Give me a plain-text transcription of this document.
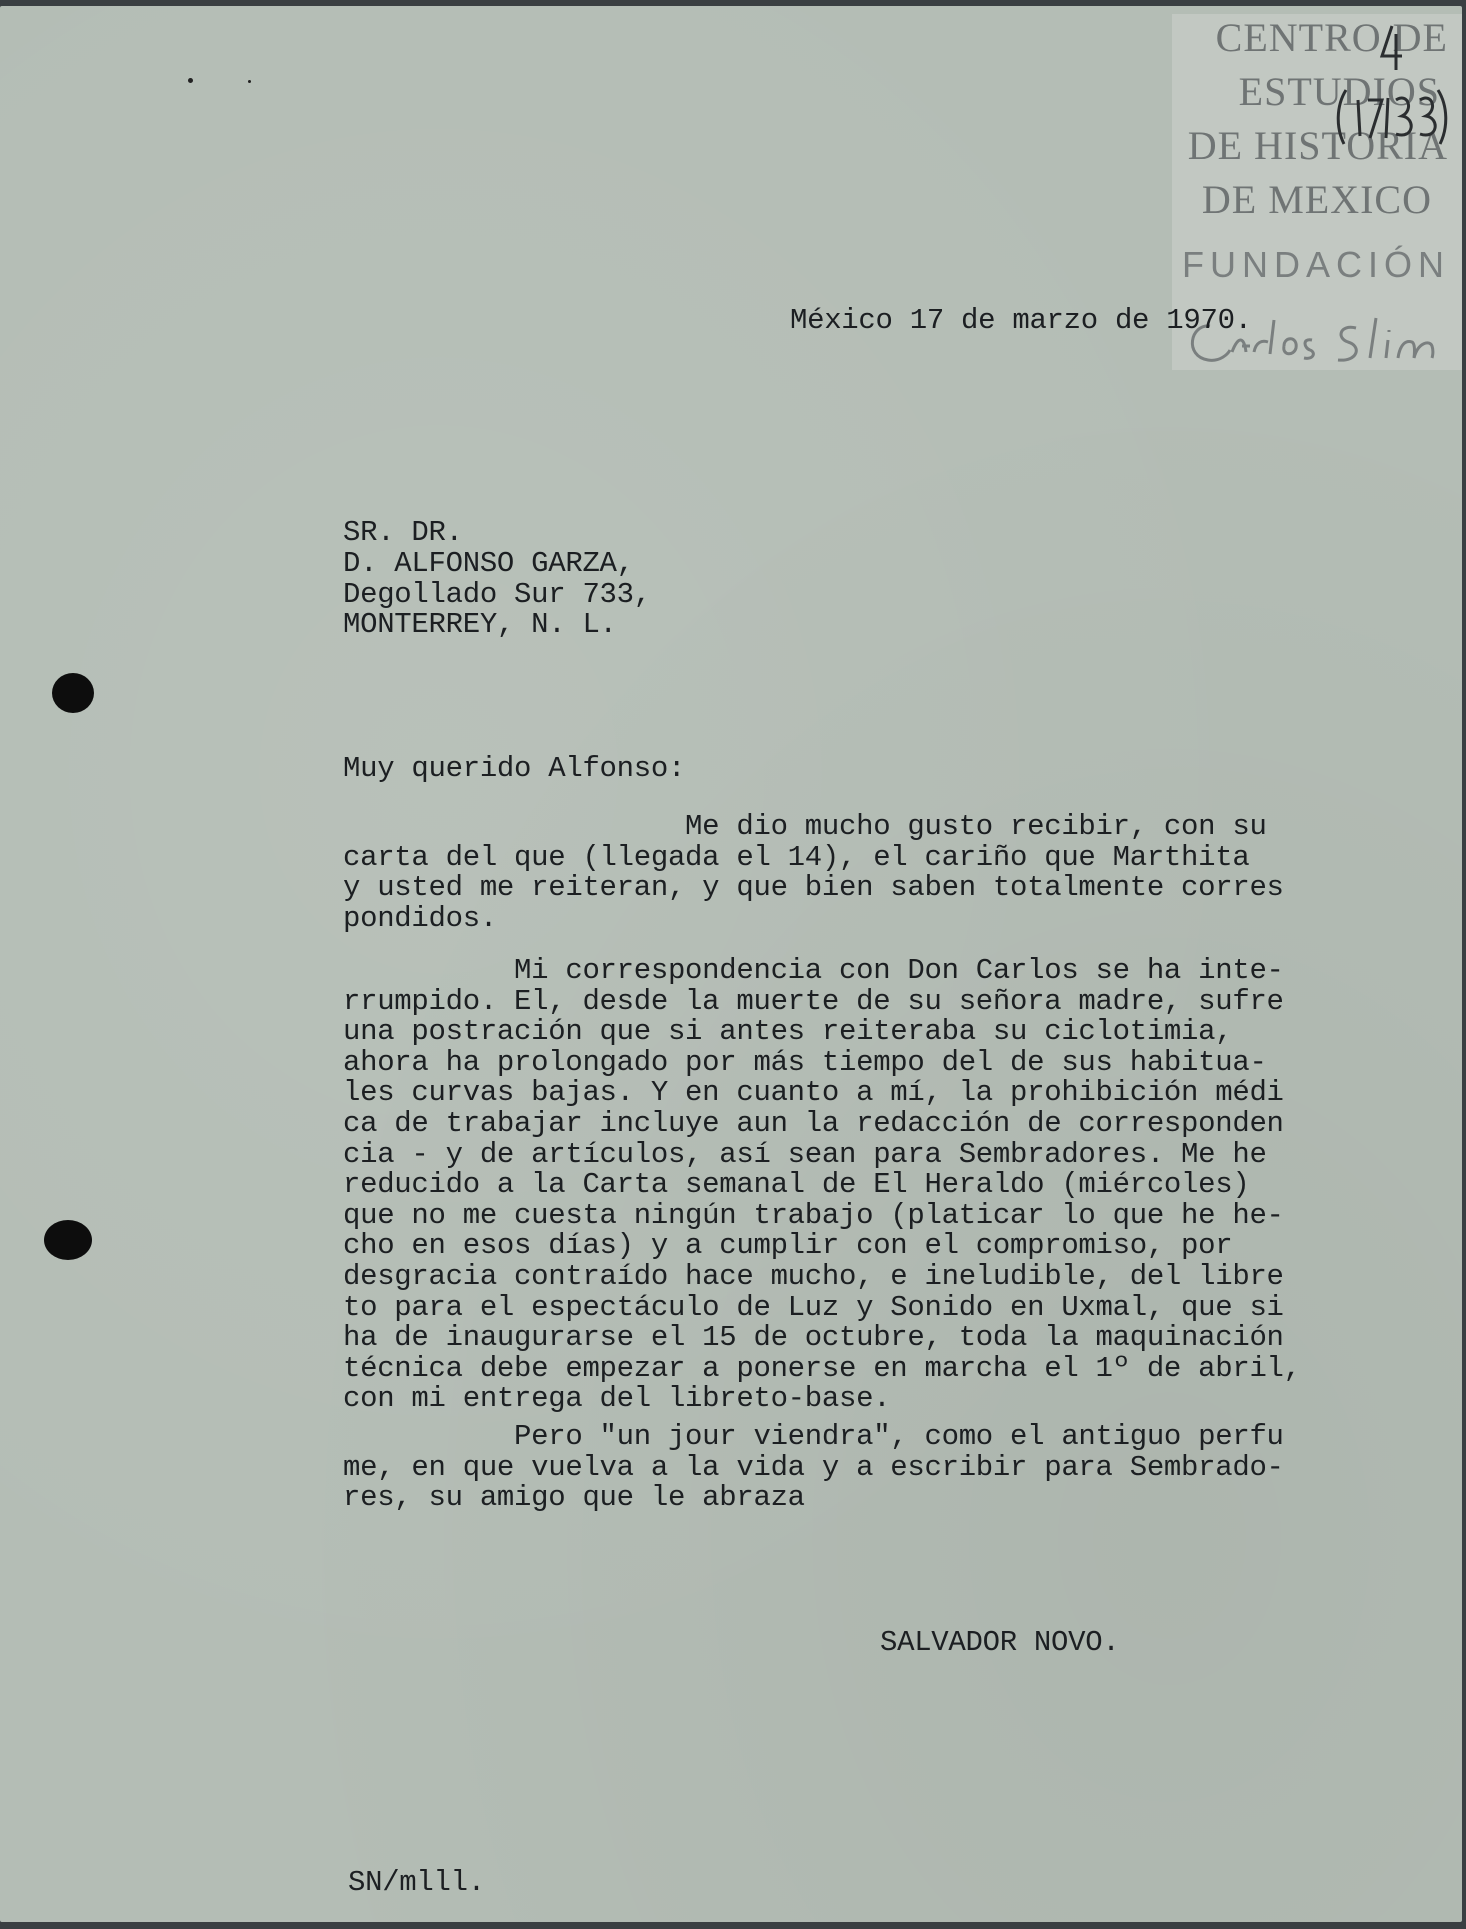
CENTRO DE
ESTUDIOS
DE HISTORIA
DE MEXICO
FUNDACIÓN

México 17 de marzo de 1970.

SR. DR.

D. ALFONSO GARZA,

Degollado Sur 733,

MONTERREY, N. L.

Muy querido Alfonso:

Me dio mucho gusto recibir, con su
carta del que (llegada el 14), el cariño que Marthita
y usted me reiteran, y que bien saben totalmente corres
pondidos.

Mi correspondencia con Don Carlos se ha inte-
rrumpido. El, desde la muerte de su señora madre, sufre
una postración que si antes reiteraba su ciclotimia,
ahora ha prolongado por más tiempo del de sus habitua-
les curvas bajas. Y en cuanto a mí, la prohibición médi
ca de trabajar incluye aun la redacción de corresponden
cia - y de artículos, así sean para Sembradores. Me he
reducido a la Carta semanal de El Heraldo (miércoles)
que no me cuesta ningún trabajo (platicar lo que he he-
cho en esos días) y a cumplir con el compromiso, por
desgracia contraído hace mucho, e ineludible, del libre
to para el espectáculo de Luz y Sonido en Uxmal, que si
ha de inaugurarse el 15 de octubre, toda la maquinación
técnica debe empezar a ponerse en marcha el 1º de abril,
con mi entrega del libreto-base.

Pero "un jour viendra", como el antiguo perfu
me, en que vuelva a la vida y a escribir para Sembrado-
res, su amigo que le abraza

SALVADOR NOVO.

SN/mlll.
